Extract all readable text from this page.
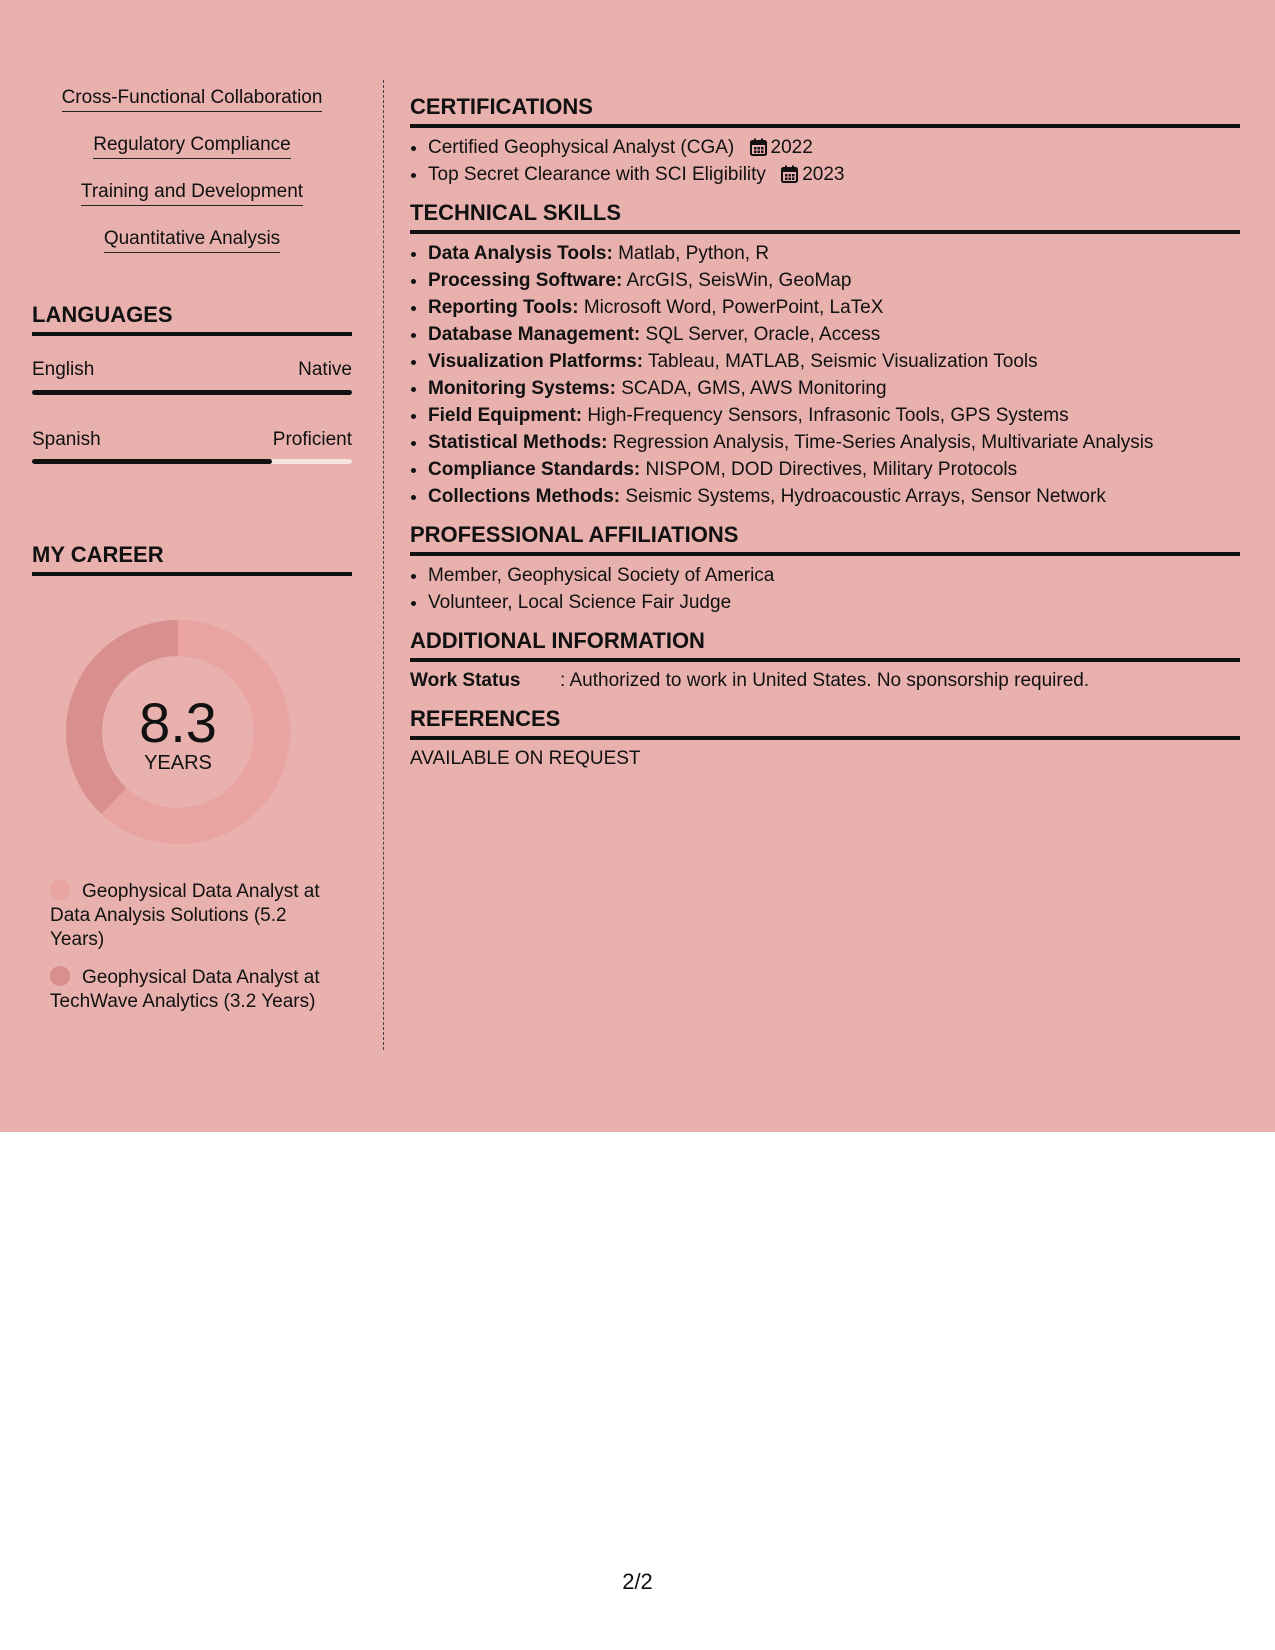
Cross-Functional Collaboration
Regulatory Compliance
Training and Development
Quantitative Analysis
LANGUAGES
English	Native
Spanish	Proficient
MY CAREER
8.3
YEARS
Geophysical Data Analyst at Data Analysis Solutions (5.2 Years)
Geophysical Data Analyst at TechWave Analytics (3.2 Years)
CERTIFICATIONS
• Certified Geophysical Analyst (CGA) 2022
• Top Secret Clearance with SCI Eligibility 2023
TECHNICAL SKILLS
• Data Analysis Tools: Matlab, Python, R
• Processing Software: ArcGIS, SeisWin, GeoMap
• Reporting Tools: Microsoft Word, PowerPoint, LaTeX
• Database Management: SQL Server, Oracle, Access
• Visualization Platforms: Tableau, MATLAB, Seismic Visualization Tools
• Monitoring Systems: SCADA, GMS, AWS Monitoring
• Field Equipment: High-Frequency Sensors, Infrasonic Tools, GPS Systems
• Statistical Methods: Regression Analysis, Time-Series Analysis, Multivariate Analysis
• Compliance Standards: NISPOM, DOD Directives, Military Protocols
• Collections Methods: Seismic Systems, Hydroacoustic Arrays, Sensor Network
PROFESSIONAL AFFILIATIONS
• Member, Geophysical Society of America
• Volunteer, Local Science Fair Judge
ADDITIONAL INFORMATION
Work Status	: Authorized to work in United States. No sponsorship required.
REFERENCES

AVAILABLE ON REQUEST

2/2
